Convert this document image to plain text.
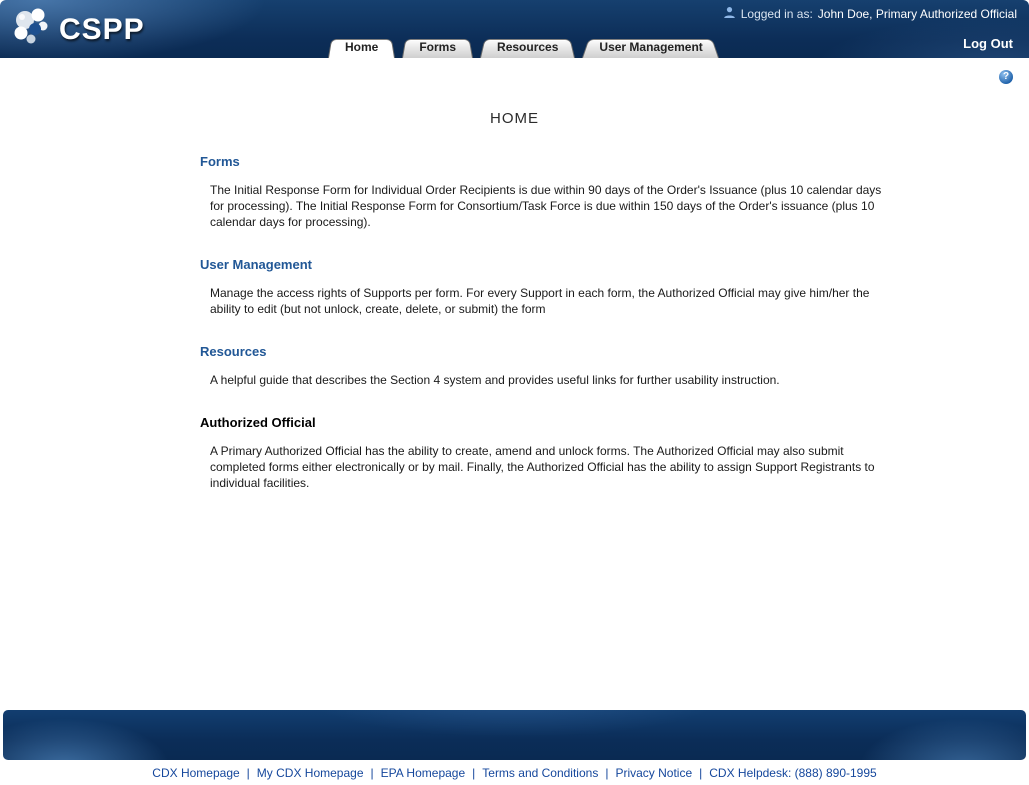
CSPP	Logged in as: John Doe, Primary Authorized Official
Log Out
Home	Forms	Resources	User Management
?
HOME
Forms
The Initial Response Form for Individual Order Recipients is due within 90 days of the Order's Issuance (plus 10 calendar days for processing). The Initial Response Form for Consortium/Task Force is due within 150 days of the Order's issuance (plus 10 calendar days for processing).
User Management
Manage the access rights of Supports per form. For every Support in each form, the Authorized Official may give him/her the ability to edit (but not unlock, create, delete, or submit) the form
Resources
A helpful guide that describes the Section 4 system and provides useful links for further usability instruction.
Authorized Official
A Primary Authorized Official has the ability to create, amend and unlock forms. The Authorized Official may also submit completed forms either electronically or by mail. Finally, the Authorized Official has the ability to assign Support Registrants to individual facilities.
CDX Homepage | My CDX Homepage | EPA Homepage | Terms and Conditions | Privacy Notice | CDX Helpdesk: (888) 890-1995
